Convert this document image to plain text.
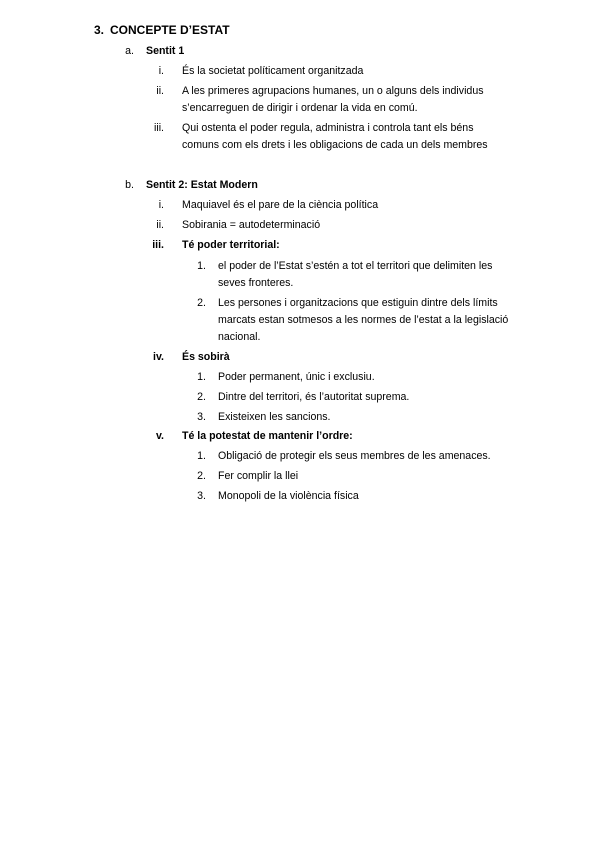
3. CONCEPTE D’ESTAT
a. Sentit 1
i. És la societat políticament organitzada
ii. A les primeres agrupacions humanes, un o alguns dels individus
s’encarreguen de dirigir i ordenar la vida en comú.
iii. Qui ostenta el poder regula, administra i controla tant els béns
comuns com els drets i les obligacions de cada un dels membres
b. Sentit 2: Estat Modern
i. Maquiavel és el pare de la ciència política
ii. Sobirania = autodeterminació
iii. Té poder territorial:
1. el poder de l’Estat s’estén a tot el territori que delimiten les
seves fronteres.
2. Les persones i organitzacions que estiguin dintre dels límits
marcats estan sotmesos a les normes de l’estat a la legislació
nacional.
iv. És sobirà
1. Poder permanent, únic i exclusiu.
2. Dintre del territori, és l’autoritat suprema.
3. Existeixen les sancions.
v. Té la potestat de mantenir l’ordre:
1. Obligació de protegir els seus membres de les amenaces.
2. Fer complir la llei
3. Monopoli de la violència física
